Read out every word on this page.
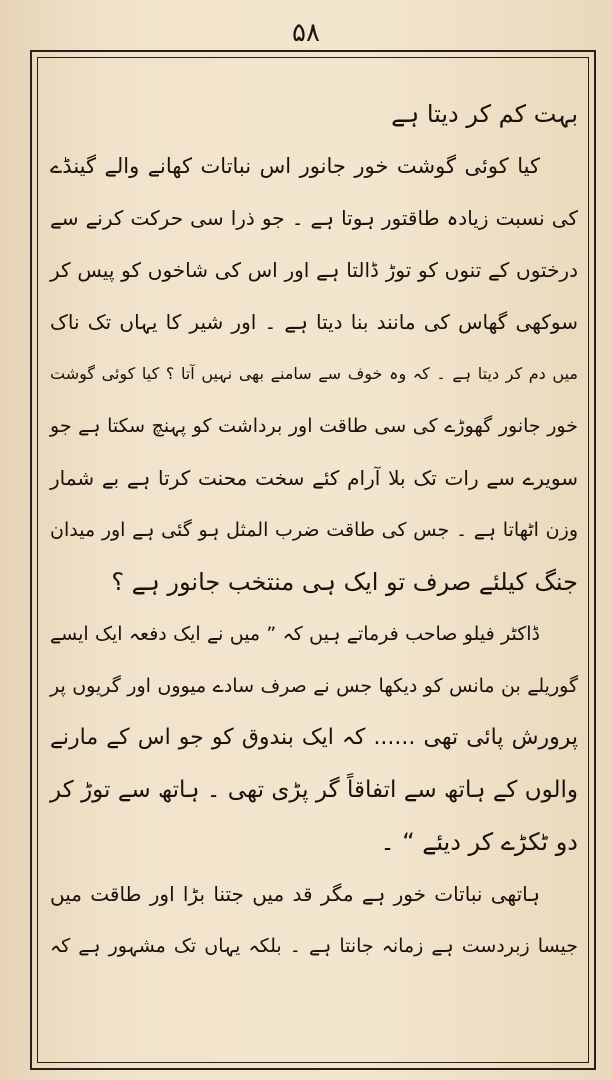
۵۸
بہت کم کر دیتا ہے
کیا کوئی گوشت خور جانور اس نباتات کھانے والے گینڈے
کی نسبت زیادہ طاقتور ہوتا ہے ۔ جو ذرا سی حرکت کرنے سے
درختوں کے تنوں کو توڑ ڈالتا ہے اور اس کی شاخوں کو پیس کر
سوکھی گھاس کی مانند بنا دیتا ہے ۔ اور شیر کا یہاں تک ناک
میں دم کر دیتا ہے ۔ کہ وہ خوف سے سامنے بھی نہیں آتا ؟ کیا کوئی گوشت
خور جانور گھوڑے کی سی طاقت اور برداشت کو پہنچ سکتا ہے جو
سویرے سے رات تک بلا آرام کئے سخت محنت کرتا ہے بے شمار
وزن اٹھاتا ہے ۔ جس کی طاقت ضرب المثل ہو گئی ہے اور میدان
جنگ کیلئے صرف تو ایک ہی منتخب جانور ہے ؟
ڈاکٹر فیلو صاحب فرماتے ہیں کہ ” میں نے ایک دفعہ ایک ایسے
گوریلے بن مانس کو دیکھا جس نے صرف سادے میووں اور گریوں پر
پرورش پائی تھی ...... کہ ایک بندوق کو جو اس کے مارنے
والوں کے ہاتھ سے اتفاقاً گر پڑی تھی ۔ ہاتھ سے توڑ کر
دو ٹکڑے کر دیئے “ ۔
ہاتھی نباتات خور ہے مگر قد میں جتنا بڑا اور طاقت میں
جیسا زبردست ہے زمانہ جانتا ہے ۔ بلکہ یہاں تک مشہور ہے کہ
